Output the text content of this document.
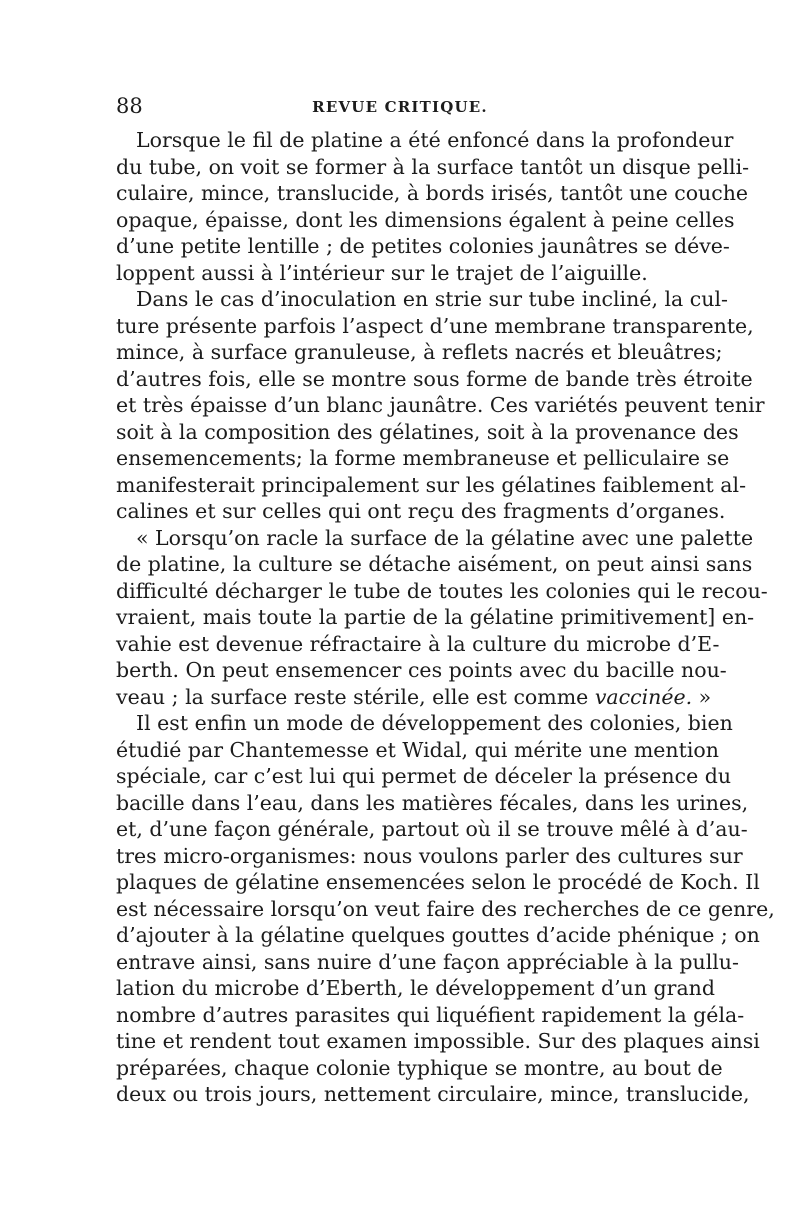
88	REVUE CRITIQUE.
Lorsque le fil de platine a été enfoncé dans la profondeur
du tube, on voit se former à la surface tantôt un disque pelli-
culaire, mince, translucide, à bords irisés, tantôt une couche
opaque, épaisse, dont les dimensions égalent à peine celles
d’une petite lentille ; de petites colonies jaunâtres se déve-
loppent aussi à l’intérieur sur le trajet de l’aiguille.
Dans le cas d’inoculation en strie sur tube incliné, la cul-
ture présente parfois l’aspect d’une membrane transparente,
mince, à surface granuleuse, à reflets nacrés et bleuâtres;
d’autres fois, elle se montre sous forme de bande très étroite
et très épaisse d’un blanc jaunâtre. Ces variétés peuvent tenir
soit à la composition des gélatines, soit à la provenance des
ensemencements; la forme membraneuse et pelliculaire se
manifesterait principalement sur les gélatines faiblement al-
calines et sur celles qui ont reçu des fragments d’organes.
« Lorsqu’on racle la surface de la gélatine avec une palette
de platine, la culture se détache aisément, on peut ainsi sans
difficulté décharger le tube de toutes les colonies qui le recou-
vraient, mais toute la partie de la gélatine primitivement] en-
vahie est devenue réfractaire à la culture du microbe d’E-
berth. On peut ensemencer ces points avec du bacille nou-
veau ; la surface reste stérile, elle est comme vaccinée. »
Il est enfin un mode de développement des colonies, bien
étudié par Chantemesse et Widal, qui mérite une mention
spéciale, car c’est lui qui permet de déceler la présence du
bacille dans l’eau, dans les matières fécales, dans les urines,
et, d’une façon générale, partout où il se trouve mêlé à d’au-
tres micro-organismes: nous voulons parler des cultures sur
plaques de gélatine ensemencées selon le procédé de Koch. Il
est nécessaire lorsqu’on veut faire des recherches de ce genre,
d’ajouter à la gélatine quelques gouttes d’acide phénique ; on
entrave ainsi, sans nuire d’une façon appréciable à la pullu-
lation du microbe d’Eberth, le développement d’un grand
nombre d’autres parasites qui liquéfient rapidement la géla-
tine et rendent tout examen impossible. Sur des plaques ainsi
préparées, chaque colonie typhique se montre, au bout de
deux ou trois jours, nettement circulaire, mince, translucide,
